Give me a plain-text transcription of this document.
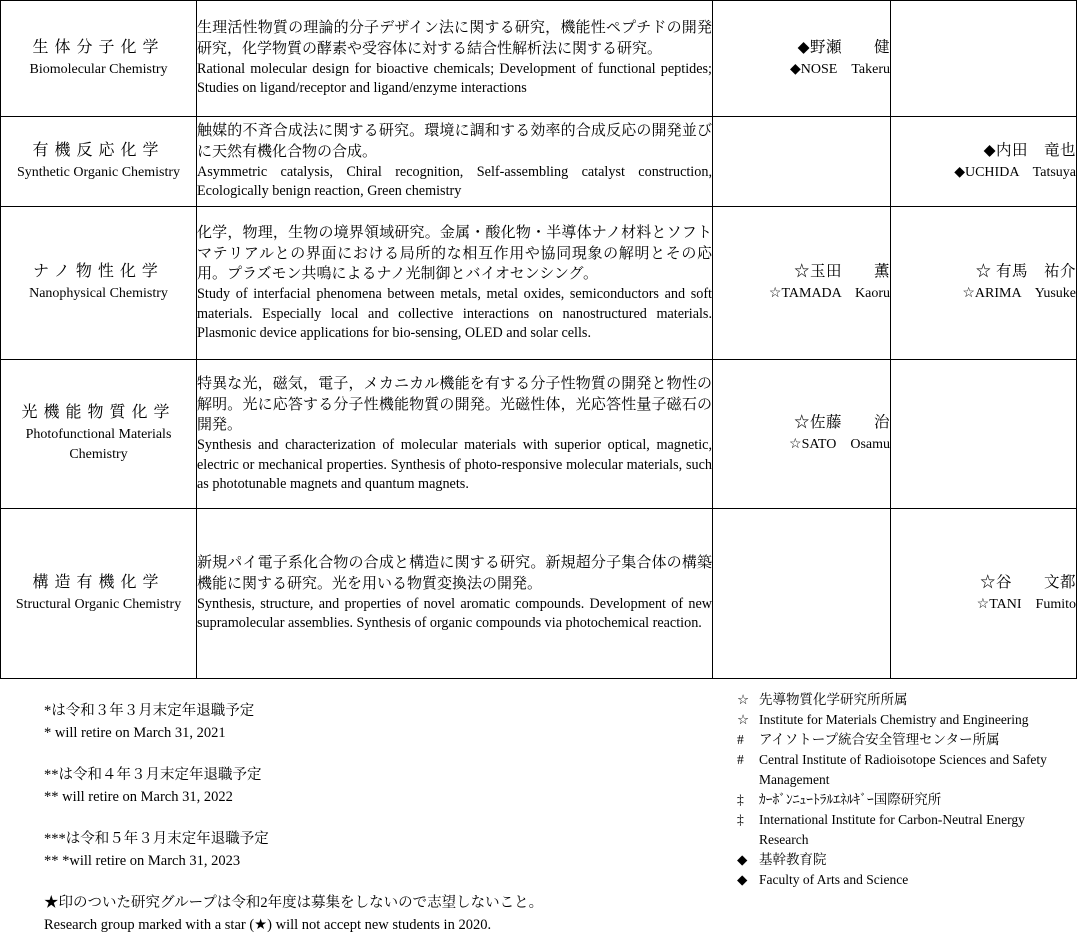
生体分子化学
Biomolecular Chemistry	生理活性物質の理論的分子デザイン法に関する研究，機能性ペプチドの開発研究，化学物質の酵素や受容体に対する結合性解析法に関する研究。
Rational molecular design for bioactive chemicals; Development of functional peptides; Studies on ligand/receptor and ligand/enzyme interactions	◆野瀬　　健
◆NOSE　Takeru	

有機反応化学
Synthetic Organic Chemistry	触媒的不斉合成法に関する研究。環境に調和する効率的合成反応の開発並びに天然有機化合物の合成。
Asymmetric catalysis, Chiral recognition, Self-assembling catalyst construction, Ecologically benign reaction, Green chemistry		◆内田　竜也
◆UCHIDA　Tatsuya

ナノ物性化学
Nanophysical Chemistry	化学，物理，生物の境界領域研究。金属・酸化物・半導体ナノ材料とソフトマテリアルとの界面における局所的な相互作用や協同現象の解明とその応用。プラズモン共鳴によるナノ光制御とバイオセンシング。
Study of interfacial phenomena between metals, metal oxides, semiconductors and soft materials. Especially local and collective interactions on nanostructured materials. Plasmonic device applications for bio-sensing, OLED and solar cells.	☆玉田　　薫
☆TAMADA　Kaoru	☆ 有馬　祐介
☆ARIMA　Yusuke

光機能物質化学
Photofunctional Materials Chemistry	特異な光，磁気，電子，メカニカル機能を有する分子性物質の開発と物性の解明。光に応答する分子性機能物質の開発。光磁性体，光応答性量子磁石の開発。
Synthesis and characterization of molecular materials with superior optical, magnetic, electric or mechanical properties. Synthesis of photo-responsive molecular materials, such as phototunable magnets and quantum magnets.	☆佐藤　　治
☆SATO　Osamu	

構造有機化学
Structural Organic Chemistry	新規パイ電子系化合物の合成と構造に関する研究。新規超分子集合体の構築機能に関する研究。光を用いる物質変換法の開発。
Synthesis, structure, and properties of novel aromatic compounds. Development of new supramolecular assemblies. Synthesis of organic compounds via photochemical reaction.		☆谷　　文都
☆TANI　Fumito
*は令和３年３月末定年退職予定
* will retire on March 31, 2021
**は令和４年３月末定年退職予定
** will retire on March 31, 2022
***は令和５年３月末定年退職予定
** *will retire on March 31, 2023
★印のついた研究グループは令和2年度は募集をしないので志望しないこと。
Research group marked with a star (★) will not accept new students in 2020.
☆ 先導物質化学研究所所属
☆ Institute for Materials Chemistry and Engineering
#	アイソトープ統合安全管理センター所属
#	Central Institute of Radioisotope Sciences and Safety Management
‡	ｶｰﾎﾞﾝﾆｭｰﾄﾗﾙｴﾈﾙｷﾞｰ国際研究所
‡	International Institute for Carbon-Neutral Energy　Research
◆ 基幹教育院
◆ Faculty of Arts and Science
